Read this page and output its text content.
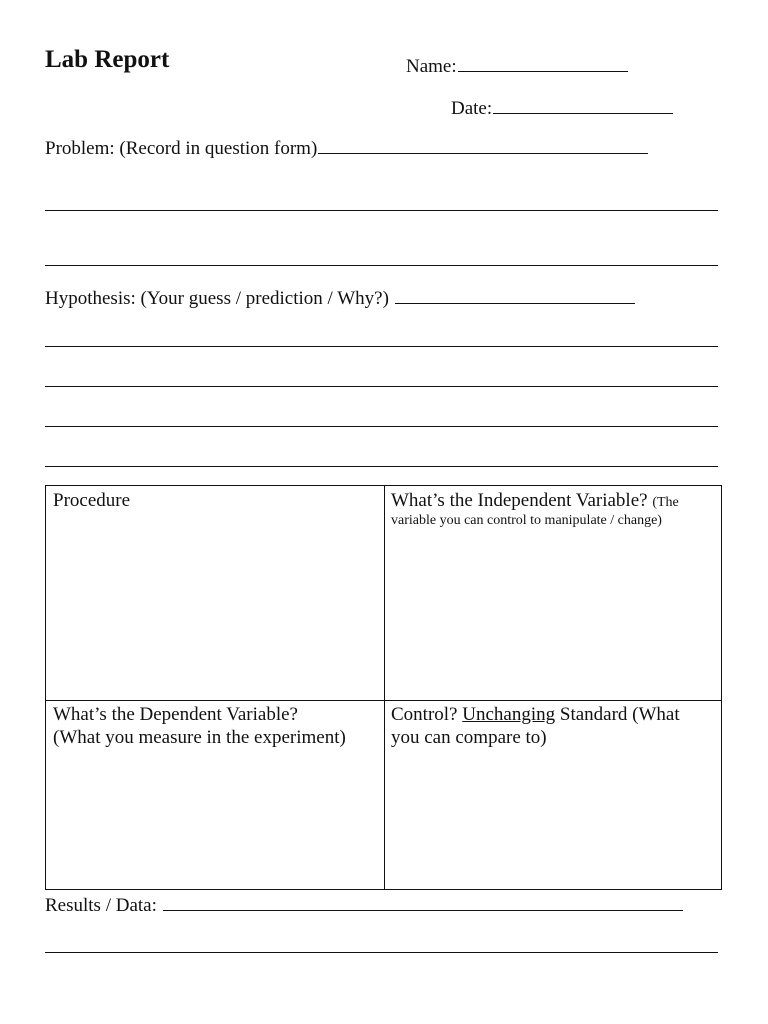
Lab Report	Name:
Date:
Problem: (Record in question form)
Hypothesis: (Your guess / prediction / Why?)
Procedure	What’s the Independent Variable? (The
variable you can control to manipulate / change)
What’s the Dependent Variable?
(What you measure in the experiment)
Control? Unchanging Standard (What
you can compare to)
Results / Data:
